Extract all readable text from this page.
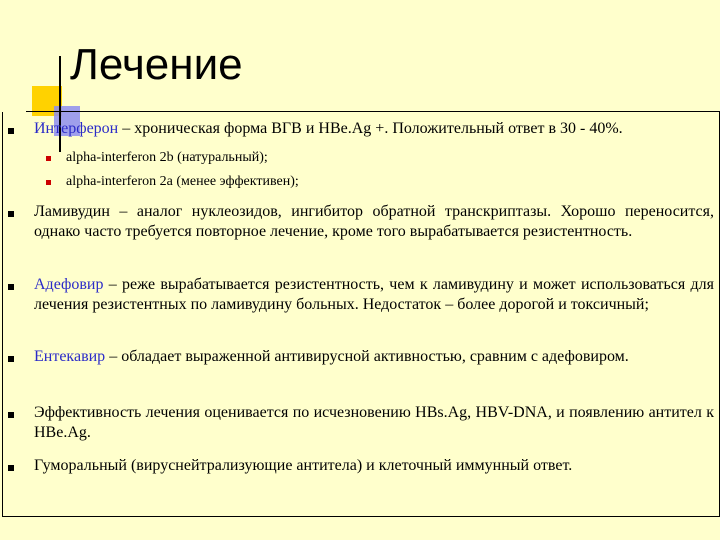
Лечение
Интерферон – хроническая форма ВГВ и HBe.Ag +. Положительный ответ в 30 - 40%.
alpha-interferon 2b (натуральный);
alpha-interferon 2a (менее эффективен);
Ламивудин – аналог нуклеозидов, ингибитор обратной транскриптазы. Хорошо переносится, однако часто требуется повторное лечение, кроме того вырабатывается резистентность.
Адефовир – реже вырабатывается резистентность, чем к ламивудину и может использоваться для лечения резистентных по ламивудину больных. Недостаток – более дорогой и токсичный;
Ентекавир – обладает выраженной антивирусной активностью, сравним с адефовиром.
Эффективность лечения оценивается по исчезновению HBs.Ag, HBV-DNA, и появлению антител к HBe.Ag.
Гуморальный (вируснейтрализующие антитела) и клеточный иммунный ответ.
